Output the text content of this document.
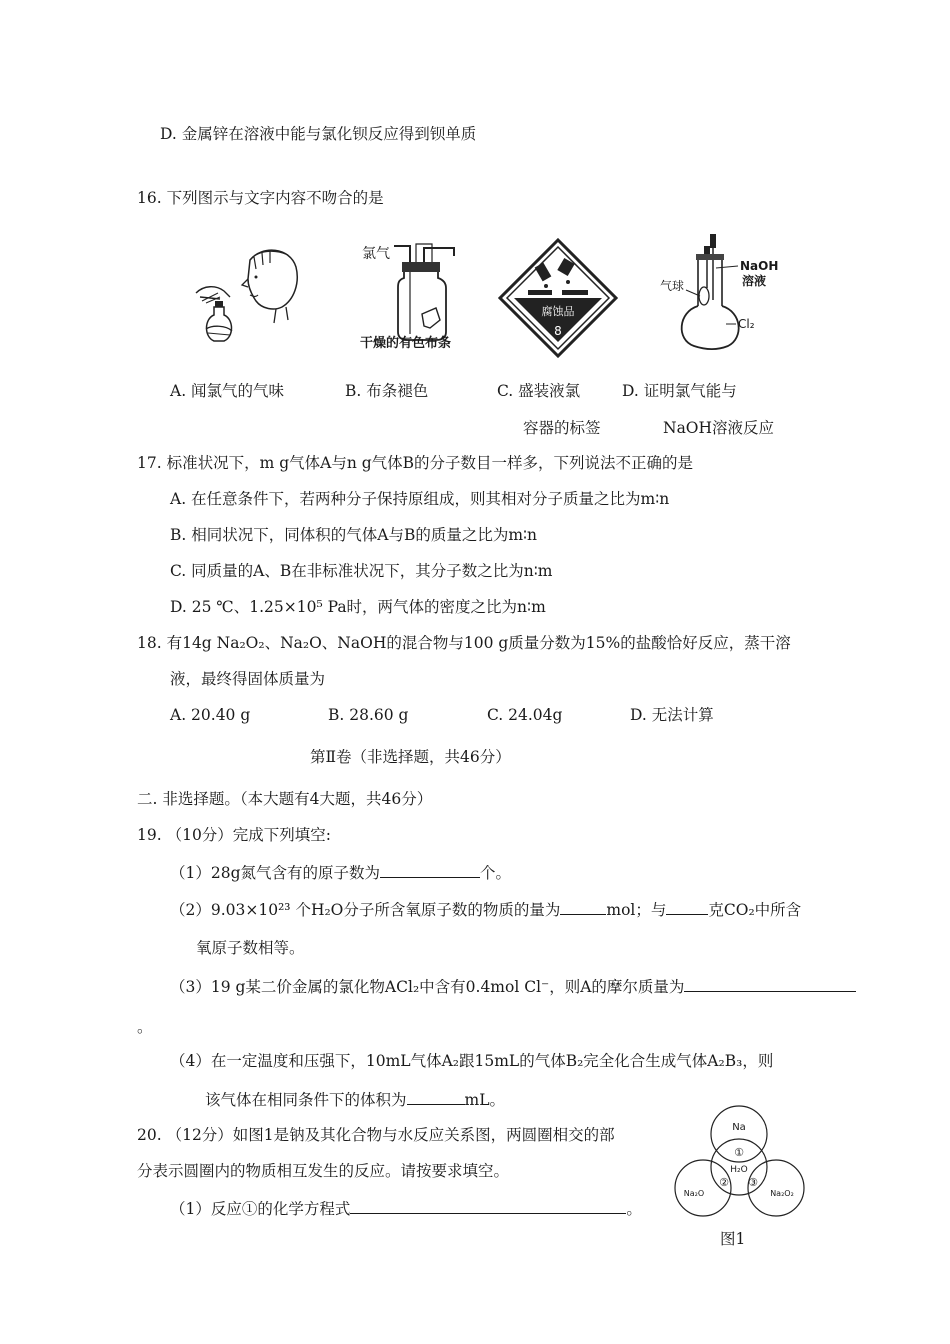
D. 金属锌在溶液中能与氯化钡反应得到钡单质
16. 下列图示与文字内容不吻合的是
氯气
干燥的有色布条
腐蚀品
8
NaOH
溶液
气球
Cl₂
A. 闻氯气的气味	B. 布条褪色	C. 盛装液氯	D. 证明氯气能与
容器的标签	NaOH溶液反应
17. 标准状况下，m g气体A与n g气体B的分子数目一样多，下列说法不正确的是
A. 在任意条件下，若两种分子保持原组成，则其相对分子质量之比为m∶n
B. 相同状况下，同体积的气体A与B的质量之比为m∶n
C. 同质量的A、B在非标准状况下，其分子数之比为n∶m
D. 25 ℃、1.25×10⁵ Pa时，两气体的密度之比为n∶m
18. 有14g Na₂O₂、Na₂O、NaOH的混合物与100 g质量分数为15%的盐酸恰好反应，蒸干溶
液，最终得固体质量为
A. 20.40 g	B. 28.60 g	C. 24.04g	D. 无法计算
第Ⅱ卷（非选择题，共46分）
二. 非选择题。（本大题有4大题，共46分）
19. （10分）完成下列填空:
（1）28g氮气含有的原子数为	个。
（2）9.03×10²³ 个H₂O分子所含氧原子数的物质的量为	mol；与	克CO₂中所含
氧原子数相等。
（3）19 g某二价金属的氯化物ACl₂中含有0.4mol Cl⁻，则A的摩尔质量为
。
（4）在一定温度和压强下，10mL气体A₂跟15mL的气体B₂完全化合生成气体A₂B₃，则
该气体在相同条件下的体积为	mL。
20. （12分）如图1是钠及其化合物与水反应关系图，两圆圈相交的部
分表示圆圈内的物质相互发生的反应。请按要求填空。
（1）反应①的化学方程式	。
Na
①
H₂O
② ③
Na₂O	Na₂O₂
图1
